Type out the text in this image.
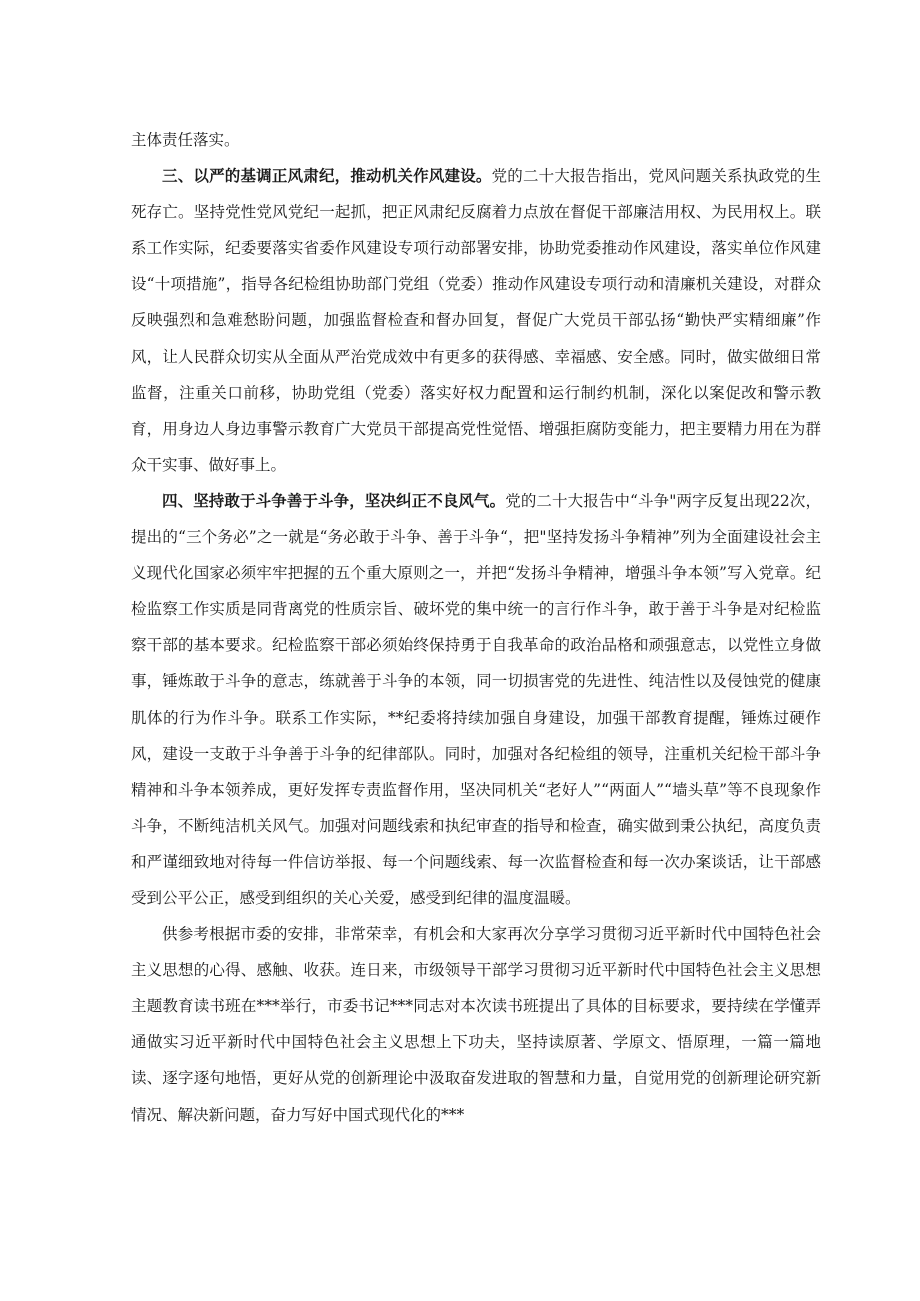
主体责任落实。

三、以严的基调正风肃纪，推动机关作风建设。党的二十大报告指出，党风问题关系执政党的生死存亡。坚持党性党风党纪一起抓，把正风肃纪反腐着力点放在督促干部廉洁用权、为民用权上。联系工作实际，纪委要落实省委作风建设专项行动部署安排，协助党委推动作风建设，落实单位作风建设“十项措施”，指导各纪检组协助部门党组（党委）推动作风建设专项行动和清廉机关建设，对群众反映强烈和急难愁盼问题，加强监督检查和督办回复，督促广大党员干部弘扬“勤快严实精细廉”作风，让人民群众切实从全面从严治党成效中有更多的获得感、幸福感、安全感。同时，做实做细日常监督，注重关口前移，协助党组（党委）落实好权力配置和运行制约机制，深化以案促改和警示教育，用身边人身边事警示教育广大党员干部提高党性觉悟、增强拒腐防变能力，把主要精力用在为群众干实事、做好事上。

四、坚持敢于斗争善于斗争，坚决纠正不良风气。党的二十大报告中“斗争"两字反复出现22次，提出的“三个务必”之一就是“务必敢于斗争、善于斗争“，把"坚持发扬斗争精神”列为全面建设社会主义现代化国家必须牢牢把握的五个重大原则之一，并把“发扬斗争精神，增强斗争本领”写入党章。纪检监察工作实质是同背离党的性质宗旨、破坏党的集中统一的言行作斗争，敢于善于斗争是对纪检监察干部的基本要求。纪检监察干部必须始终保持勇于自我革命的政治品格和顽强意志，以党性立身做事，锤炼敢于斗争的意志，练就善于斗争的本领，同一切损害党的先进性、纯洁性以及侵蚀党的健康肌体的行为作斗争。联系工作实际，**纪委将持续加强自身建设，加强干部教育提醒，锤炼过硬作风，建设一支敢于斗争善于斗争的纪律部队。同时，加强对各纪检组的领导，注重机关纪检干部斗争精神和斗争本领养成，更好发挥专责监督作用，坚决同机关“老好人”“两面人”“墙头草”等不良现象作斗争，不断纯洁机关风气。加强对问题线索和执纪审查的指导和检查，确实做到秉公执纪，高度负责和严谨细致地对待每一件信访举报、每一个问题线索、每一次监督检查和每一次办案谈话，让干部感受到公平公正，感受到组织的关心关爱，感受到纪律的温度温暖。

供参考根据市委的安排，非常荣幸，有机会和大家再次分享学习贯彻习近平新时代中国特色社会主义思想的心得、感触、收获。连日来，市级领导干部学习贯彻习近平新时代中国特色社会主义思想主题教育读书班在***举行，市委书记***同志对本次读书班提出了具体的目标要求，要持续在学懂弄通做实习近平新时代中国特色社会主义思想上下功夫，坚持读原著、学原文、悟原理，一篇一篇地读、逐字逐句地悟，更好从党的创新理论中汲取奋发进取的智慧和力量，自觉用党的创新理论研究新情况、解决新问题，奋力写好中国式现代化的***
